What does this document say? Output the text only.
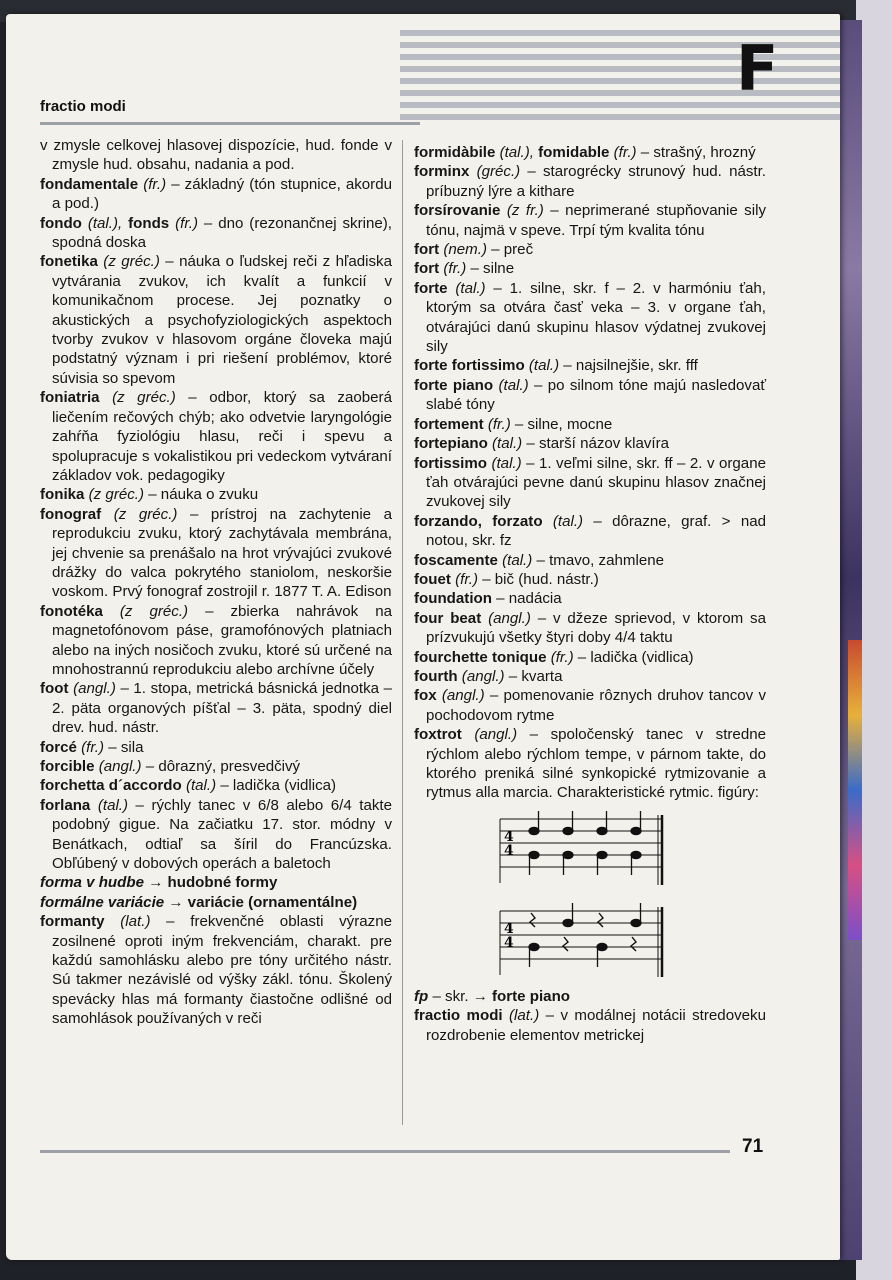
F
fractio modi

v zmysle celkovej hlasovej dispozície, hud. fonde v zmysle hud. obsahu, nadania a pod.

fondamentale (fr.) – základný (tón stupnice, akordu a pod.)

fondo (tal.), fonds (fr.) – dno (rezonančnej skrine), spodná doska

fonetika (z gréc.) – náuka o ľudskej reči z hľadiska vytvárania zvukov, ich kvalít a funkcií v komunikačnom procese. Jej poznatky o akustických a psychofyziologických aspektoch tvorby zvukov v hlasovom orgáne človeka majú podstatný význam i pri riešení problémov, ktoré súvisia so spevom

foniatria (z gréc.) – odbor, ktorý sa zaoberá liečením rečových chýb; ako odvetvie laryngológie zahŕňa fyziológiu hlasu, reči i spevu a spolupracuje s vokalistikou pri vedeckom vytváraní základov vok. pedagogiky

fonika (z gréc.) – náuka o zvuku

fonograf (z gréc.) – prístroj na zachytenie a reprodukciu zvuku, ktorý zachytávala membrána, jej chvenie sa prenášalo na hrot vrývajúci zvukové drážky do valca pokrytého staniolom, neskoršie voskom. Prvý fonograf zostrojil r. 1877 T. A. Edison

fonotéka (z gréc.) – zbierka nahrávok na magnetofónovom páse, gramofónových platniach alebo na iných nosičoch zvuku, ktoré sú určené na mnohostrannú reprodukciu alebo archívne účely

foot (angl.) – 1. stopa, metrická básnická jednotka – 2. päta organových píšťal – 3. päta, spodný diel drev. hud. nástr.

forcé (fr.) – sila

forcible (angl.) – dôrazný, presvedčivý

forchetta d´accordo (tal.) – ladička (vidlica)

forlana (tal.) – rýchly tanec v 6/8 alebo 6/4 takte podobný gigue. Na začiatku 17. stor. módny v Benátkach, odtiaľ sa šíril do Francúzska. Obľúbený v dobových operách a baletoch

forma v hudbe → hudobné formy

formálne variácie → variácie (ornamentálne)

formanty (lat.) – frekvenčné oblasti výrazne zosilnené oproti iným frekvenciám, charakt. pre každú samohlásku alebo pre tóny určitého nástr. Sú takmer nezávislé od výšky zákl. tónu. Školený spevácky hlas má formanty čiastočne odlišné od samohlások používaných v reči

formidàbile (tal.), fomidable (fr.) – strašný, hrozný

forminx (gréc.) – starogrécky strunový hud. nástr. príbuzný lýre a kithare

forsírovanie (z fr.) – neprimerané stupňovanie sily tónu, najmä v speve. Trpí tým kvalita tónu

fort (nem.) – preč

fort (fr.) – silne

forte (tal.) – 1. silne, skr. f – 2. v harmóniu ťah, ktorým sa otvára časť veka – 3. v organe ťah, otvárajúci danú skupinu hlasov výdatnej zvukovej sily

forte fortissimo (tal.) – najsilnejšie, skr. fff

forte piano (tal.) – po silnom tóne majú nasledovať slabé tóny

fortement (fr.) – silne, mocne

fortepiano (tal.) – starší názov klavíra

fortissimo (tal.) – 1. veľmi silne, skr. ff – 2. v organe ťah otvárajúci pevne danú skupinu hlasov značnej zvukovej sily

forzando, forzato (tal.) – dôrazne, graf. > nad notou, skr. fz

foscamente (tal.) – tmavo, zahmlene

fouet (fr.) – bič (hud. nástr.)

foundation – nadácia

four beat (angl.) – v džeze sprievod, v ktorom sa prízvukujú všetky štyri doby 4/4 taktu

fourchette tonique (fr.) – ladička (vidlica)

fourth (angl.) – kvarta

fox (angl.) – pomenovanie rôznych druhov tancov v pochodovom rytme

foxtrot (angl.) – spoločenský tanec v stredne rýchlom alebo rýchlom tempe, v párnom takte, do ktorého preniká silné synkopické rytmizovanie a rytmus alla marcia. Charakteristické rytmic. figúry:

4
4
4
4

fp – skr. → forte piano

fractio modi (lat.) – v modálnej notácii stredoveku rozdrobenie elementov metrickej

71
